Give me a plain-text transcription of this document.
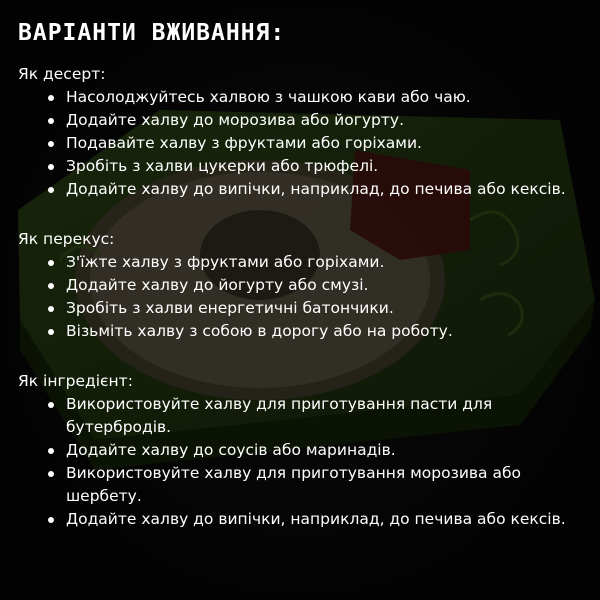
ВАРІАНТИ ВЖИВАННЯ:

Як десерт:

Насолоджуйтесь халвою з чашкою кави або чаю.
Додайте халву до морозива або йогурту.
Подавайте халву з фруктами або горіхами.
Зробіть з халви цукерки або трюфелі.
Додайте халву до випічки, наприклад, до печива або кексів.

Як перекус:

З'їжте халву з фруктами або горіхами.
Додайте халву до йогурту або смузі.
Зробіть з халви енергетичні батончики.
Візьміть халву з собою в дорогу або на роботу.

Як інгредієнт:

Використовуйте халву для приготування пасти для бутербродів.
Додайте халву до соусів або маринадів.
Використовуйте халву для приготування морозива або шербету.
Додайте халву до випічки, наприклад, до печива або кексів.
